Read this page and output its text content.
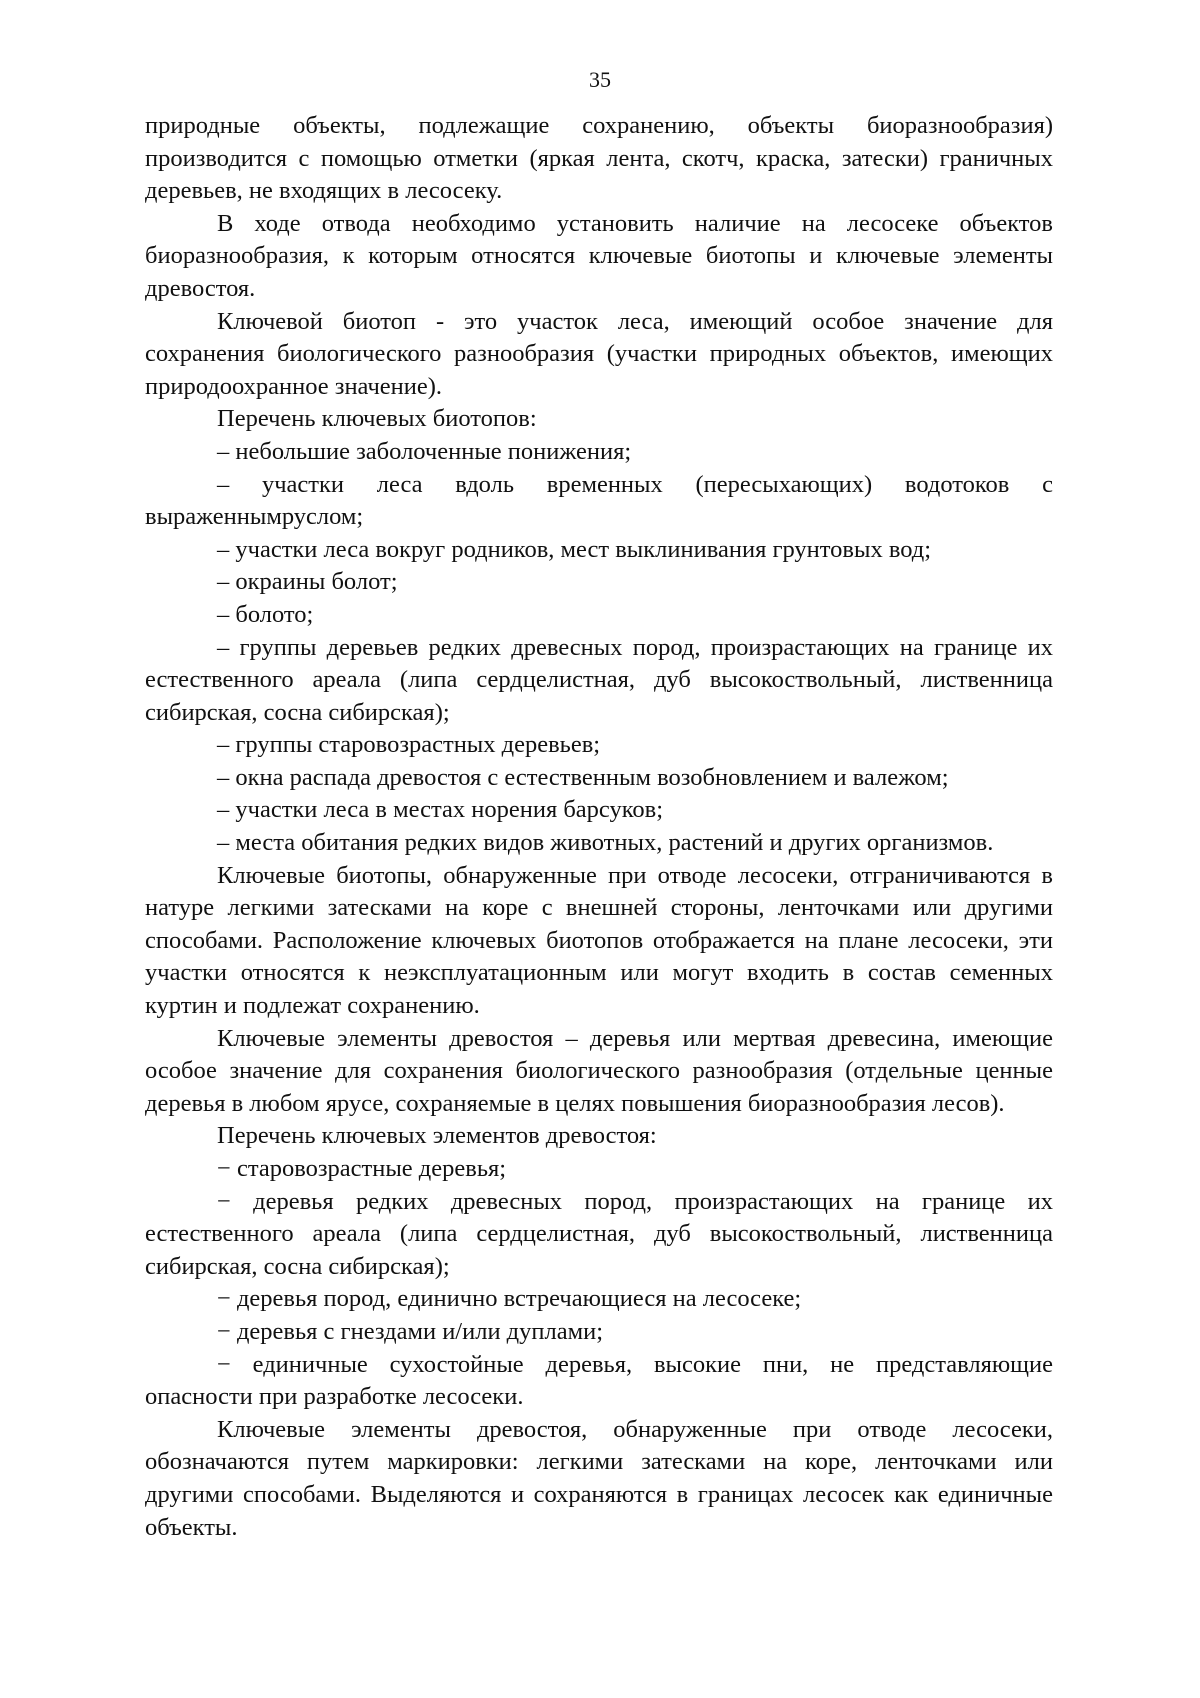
35

природные объекты, подлежащие сохранению, объекты биоразнообразия) производится с помощью отметки (яркая лента, скотч, краска, затески) граничных деревьев, не входящих в лесосеку.

В ходе отвода необходимо установить наличие на лесосеке объектов биоразнообразия, к которым относятся ключевые биотопы и ключевые элементы древостоя.

Ключевой биотоп - это участок леса, имеющий особое значение для сохранения биологического разнообразия (участки природных объектов, имеющих природоохранное значение).

Перечень ключевых биотопов:

– небольшие заболоченные понижения;

– участки леса вдоль временных (пересыхающих) водотоков с выраженнымруслом;

– участки леса вокруг родников, мест выклинивания грунтовых вод;

– окраины болот;

– болото;

– группы деревьев редких древесных пород, произрастающих на границе их естественного ареала (липа сердцелистная, дуб высокоствольный, лиственница сибирская, сосна сибирская);

– группы старовозрастных деревьев;

– окна распада древостоя с естественным возобновлением и валежом;

– участки леса в местах норения барсуков;

– места обитания редких видов животных, растений и других организмов.

Ключевые биотопы, обнаруженные при отводе лесосеки, отграничиваются в натуре легкими затесками на коре с внешней стороны, ленточками или другими способами. Расположение ключевых биотопов отображается на плане лесосеки, эти участки относятся к неэксплуатационным или могут входить в состав семенных куртин и подлежат сохранению.

Ключевые элементы древостоя – деревья или мертвая древесина, имеющие особое значение для сохранения биологического разнообразия (отдельные ценные деревья в любом ярусе, сохраняемые в целях повышения биоразнообразия лесов).

Перечень ключевых элементов древостоя:

− старовозрастные деревья;

− деревья редких древесных пород, произрастающих на границе их естественного ареала (липа сердцелистная, дуб высокоствольный, лиственница сибирская, сосна сибирская);

− деревья пород, единично встречающиеся на лесосеке;

− деревья с гнездами и/или дуплами;

− единичные сухостойные деревья, высокие пни, не представляющие опасности при разработке лесосеки.

Ключевые элементы древостоя, обнаруженные при отводе лесосеки, обозначаются путем маркировки: легкими затесками на коре, ленточками или другими способами. Выделяются и сохраняются в границах лесосек как единичные объекты.
